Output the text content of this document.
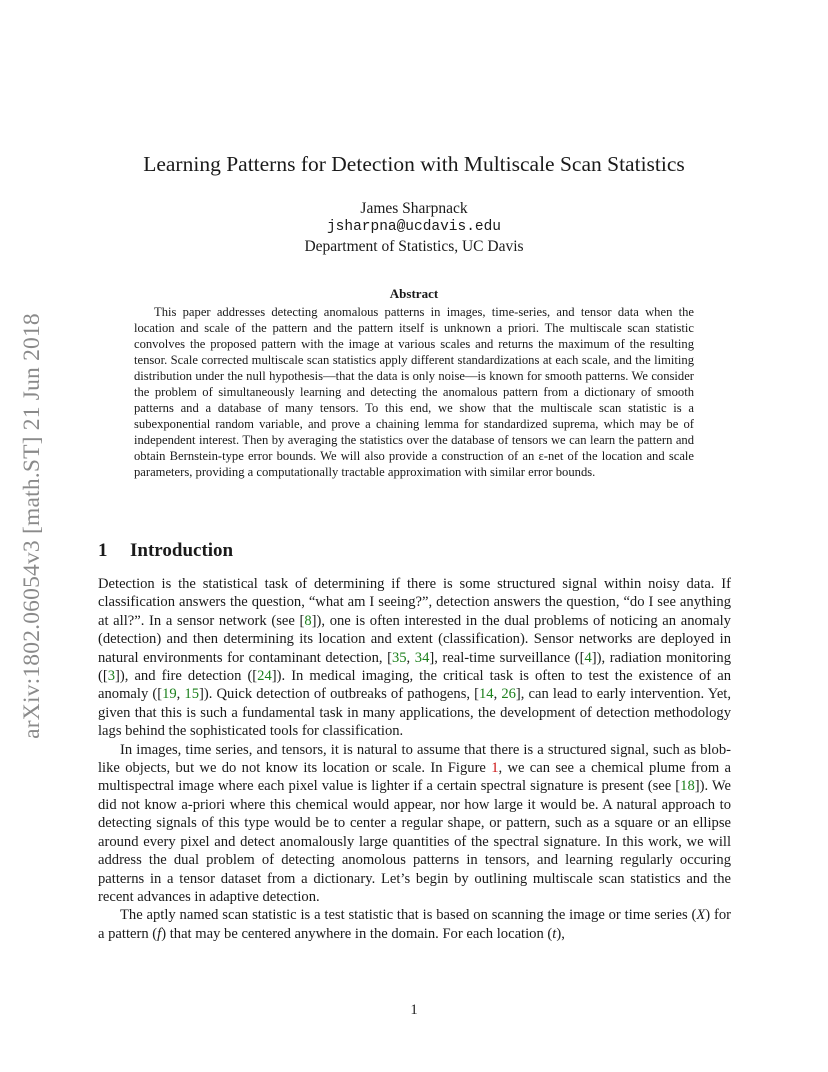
arXiv:1802.06054v3 [math.ST] 21 Jun 2018
Learning Patterns for Detection with Multiscale Scan Statistics
James Sharpnack
jsharpna@ucdavis.edu
Department of Statistics, UC Davis
Abstract

This paper addresses detecting anomalous patterns in images, time-series, and tensor data when the location and scale of the pattern and the pattern itself is unknown a priori. The multiscale scan statistic convolves the proposed pattern with the image at various scales and returns the maximum of the resulting tensor. Scale corrected multiscale scan statistics apply different standardizations at each scale, and the limiting distribution under the null hypothesis—that the data is only noise—is known for smooth patterns. We consider the problem of simultaneously learning and detecting the anomalous pattern from a dictionary of smooth patterns and a database of many tensors. To this end, we show that the multiscale scan statistic is a subexponential random variable, and prove a chaining lemma for standardized suprema, which may be of independent interest. Then by averaging the statistics over the database of tensors we can learn the pattern and obtain Bernstein-type error bounds. We will also provide a construction of an ε-net of the location and scale parameters, providing a computationally tractable approximation with similar error bounds.

1 Introduction

Detection is the statistical task of determining if there is some structured signal within noisy data. If classification answers the question, “what am I seeing?”, detection answers the question, “do I see anything at all?”. In a sensor network (see [8]), one is often interested in the dual problems of noticing an anomaly (detection) and then determining its location and extent (classification). Sensor networks are deployed in natural environments for contaminant detection, [35, 34], real-time surveillance ([4]), radiation monitoring ([3]), and fire detection ([24]). In medical imaging, the critical task is often to test the existence of an anomaly ([19, 15]). Quick detection of outbreaks of pathogens, [14, 26], can lead to early intervention. Yet, given that this is such a fundamental task in many applications, the development of detection methodology lags behind the sophisticated tools for classification.

In images, time series, and tensors, it is natural to assume that there is a structured signal, such as blob-like objects, but we do not know its location or scale. In Figure 1, we can see a chemical plume from a multispectral image where each pixel value is lighter if a certain spectral signature is present (see [18]). We did not know a-priori where this chemical would appear, nor how large it would be. A natural approach to detecting signals of this type would be to center a regular shape, or pattern, such as a square or an ellipse around every pixel and detect anomalously large quantities of the spectral signature. In this work, we will address the dual problem of detecting anomolous patterns in tensors, and learning regularly occuring patterns in a tensor dataset from a dictionary. Let’s begin by outlining multiscale scan statistics and the recent advances in adaptive detection.

The aptly named scan statistic is a test statistic that is based on scanning the image or time series (X) for a pattern (f) that may be centered anywhere in the domain. For each location (t),

1
